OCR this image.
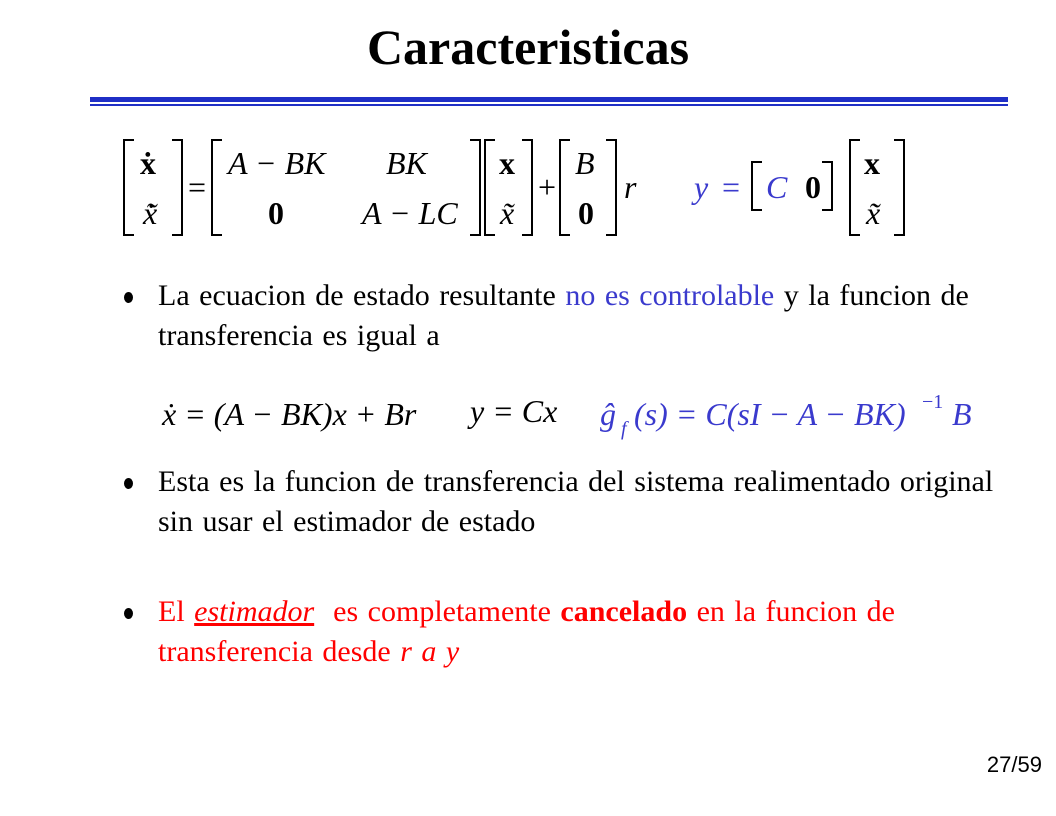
Caracteristicas
ẋ
x̃̇
=
A − BK BK
0 A − LC
x
x̃
+
B
0
r y = C 0
x
x̃
La ecuacion de estado resultante no es controlable y la funcion de transferencia es igual a
ẋ = (A − BK)x + Br y = Cx ĝ f (s) = C(sI − A − BK) −1 B
Esta es la funcion de transferencia del sistema realimentado original sin usar el estimador de estado
El estimador  es completamente cancelado en la funcion de transferencia desde r a y
27/59
